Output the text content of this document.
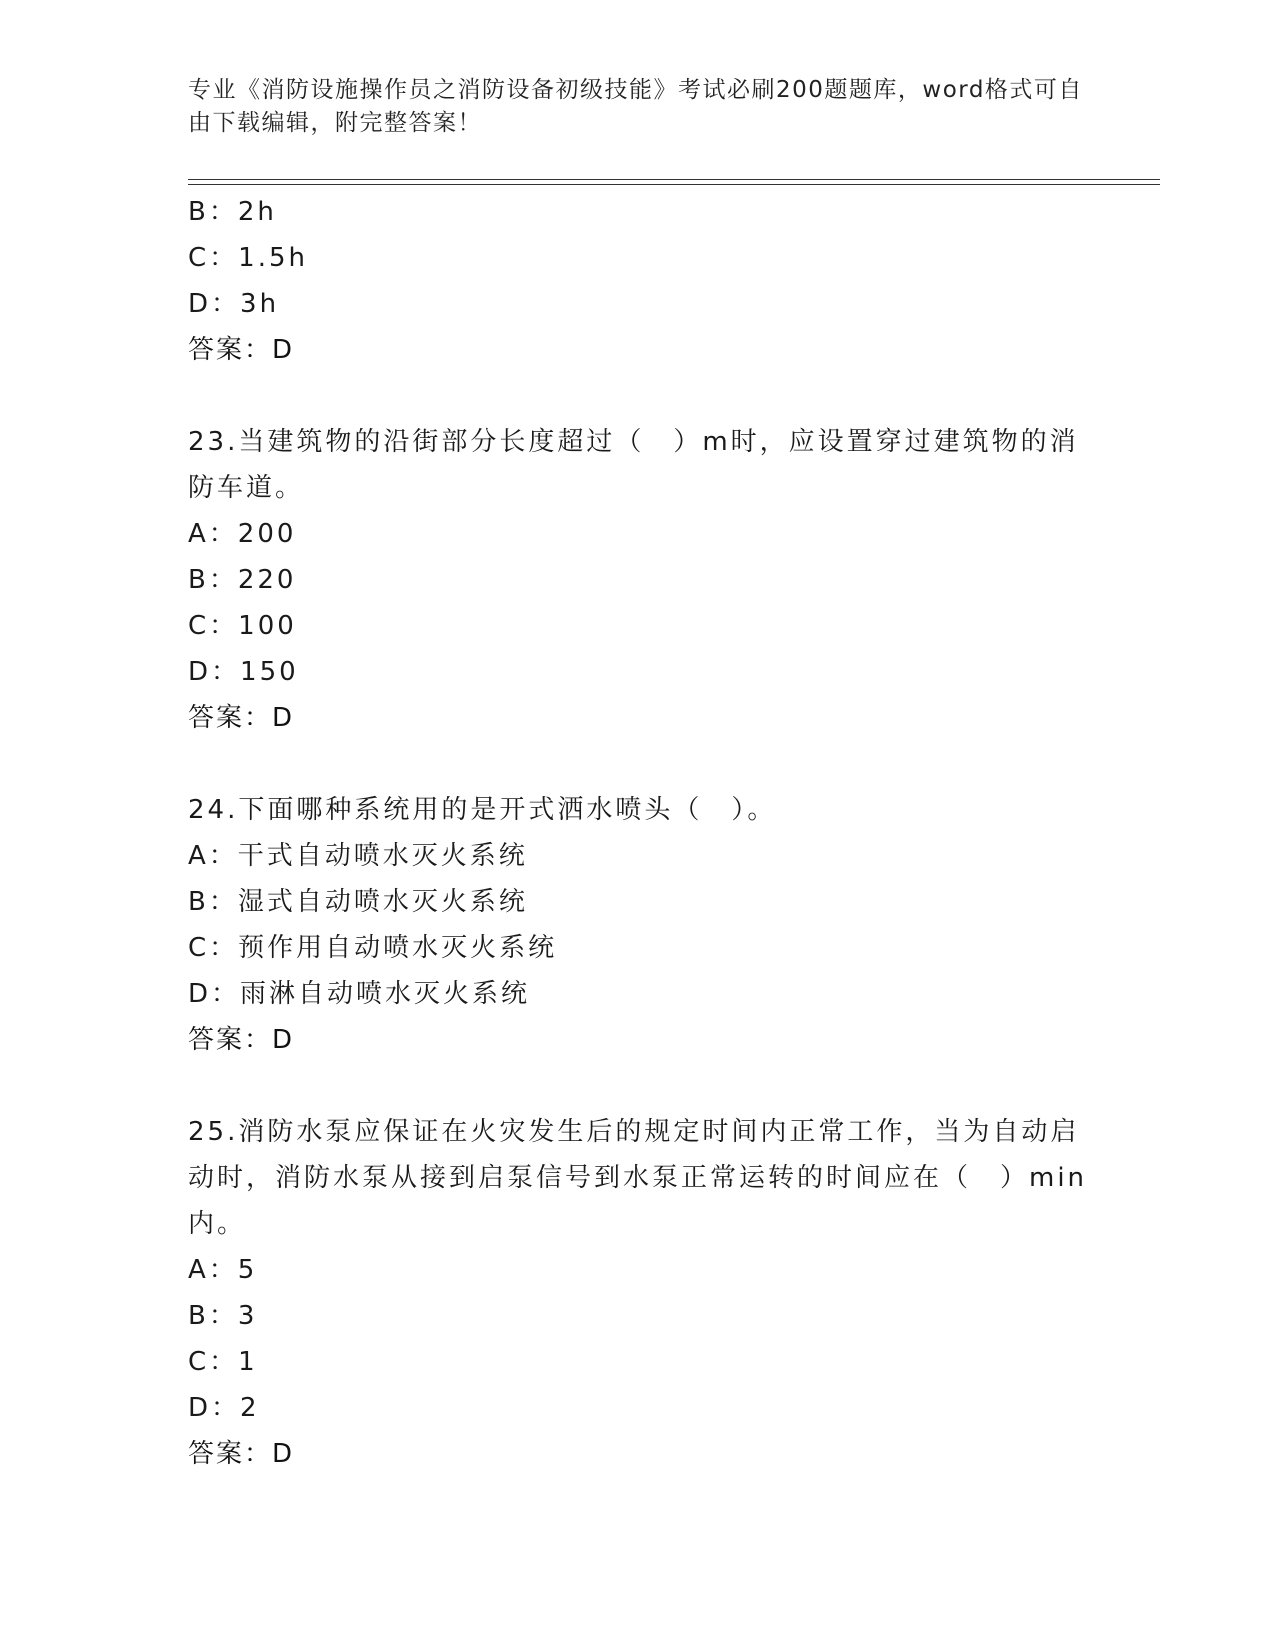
专业《消防设施操作员之消防设备初级技能》考试必刷200题题库，word格式可自由下载编辑，附完整答案！
B：2h
C：1.5h
D：3h
答案：D
23.当建筑物的沿街部分长度超过（　）m时，应设置穿过建筑物的消防车道。
A：200
B：220
C：100
D：150
答案：D
24.下面哪种系统用的是开式洒水喷头（　）。
A：干式自动喷水灭火系统
B：湿式自动喷水灭火系统
C：预作用自动喷水灭火系统
D：雨淋自动喷水灭火系统
答案：D
25.消防水泵应保证在火灾发生后的规定时间内正常工作，当为自动启动时，消防水泵从接到启泵信号到水泵正常运转的时间应在（　）min内。
A：5
B：3
C：1
D：2
答案：D
